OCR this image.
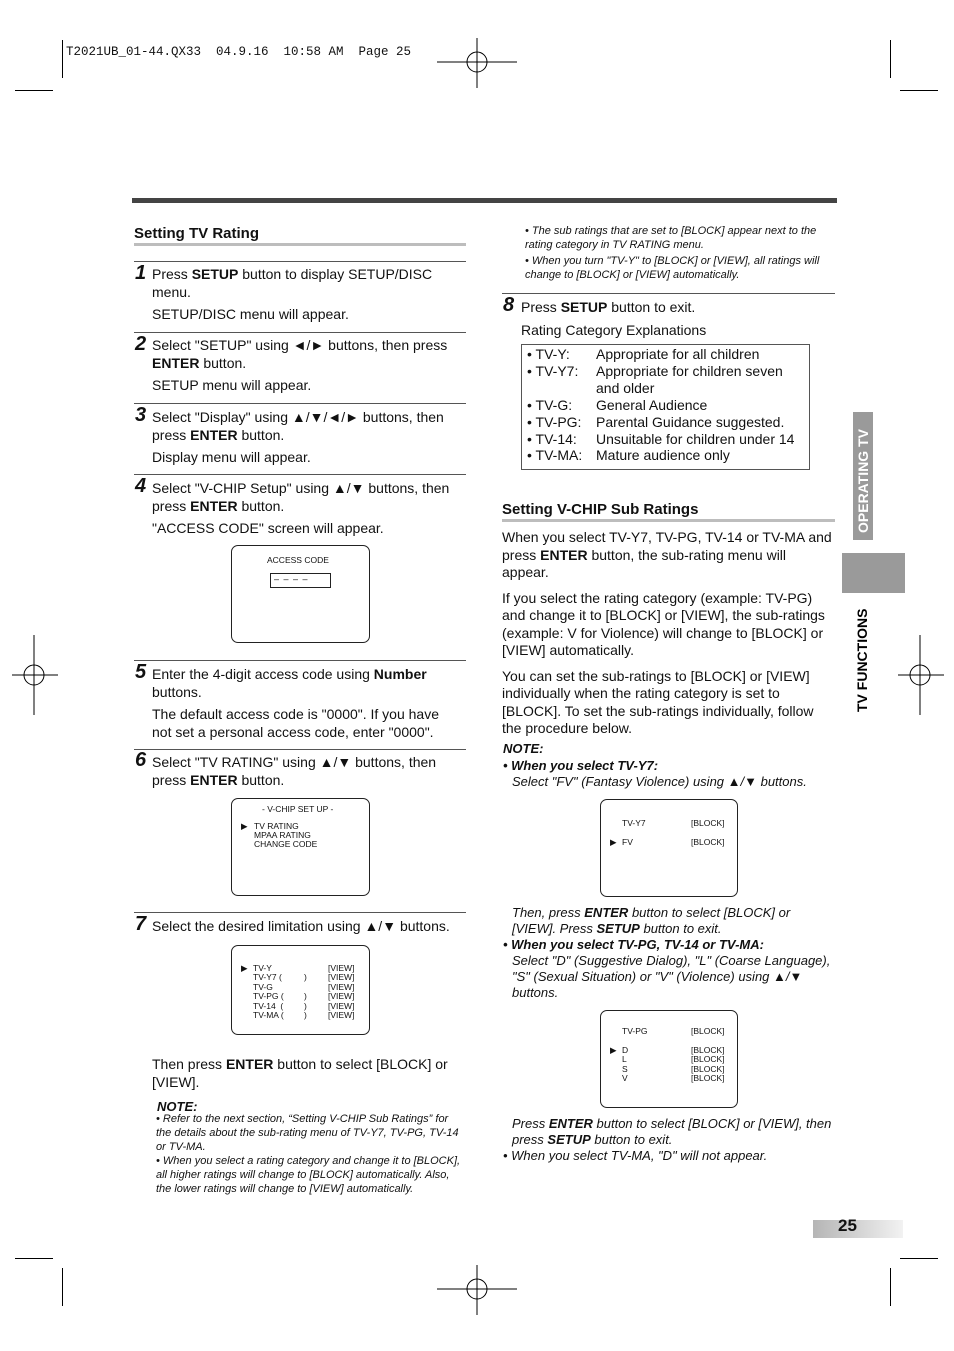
T2021UB_01-44.QX33  04.9.16  10:58 AM  Page 25
Setting TV Rating
1 Press SETUP button to display SETUP/DISC menu.

SETUP/DISC menu will appear.

2 Select "SETUP" using ◄/► buttons, then press ENTER button.

SETUP menu will appear.

3 Select "Display" using ▲/▼/◄/► buttons, then press ENTER button.

Display menu will appear.

4 Select "V-CHIP Setup" using ▲/▼ buttons, then press ENTER button.

"ACCESS CODE" screen will appear.

ACCESS CODE
– – – –
5 Enter the 4-digit access code using Number buttons.

The default access code is "0000". If you have not set a personal access code, enter "0000".

6 Select "TV RATING" using ▲/▼ buttons, then press ENTER button.

- V-CHIP SET UP -
▶ TV RATING
MPAA RATING
CHANGE CODE
7 Select the desired limitation using ▲/▼ buttons.

▶ TV-Y	[VIEW]
TV-Y7 (	) [VIEW]
TV-G	[VIEW]
TV-PG ( ) [VIEW]
TV-14  ( ) [VIEW]
TV-MA ( ) [VIEW]

Then press ENTER button to select [BLOCK] or [VIEW].

NOTE:
• Refer to the next section, “Setting V-CHIP Sub Ratings” for the details about the sub-rating menu of TV-Y7, TV-PG, TV-14 or TV-MA.
• When you select a rating category and change it to [BLOCK], all higher ratings will change to [BLOCK] automatically. Also, the lower ratings will change to [VIEW] automatically.
• The sub ratings that are set to [BLOCK] appear next to the rating category in TV RATING menu.
• When you turn "TV-Y" to [BLOCK] or [VIEW], all ratings will change to [BLOCK] or [VIEW] automatically.
8 Press SETUP button to exit.

Rating Category Explanations

• TV-Y: Appropriate for all children
• TV-Y7: Appropriate for children seven
and older
• TV-G: General Audience
• TV-PG: Parental Guidance suggested.
• TV-14: Unsuitable for children under 14
• TV-MA: Mature audience only
Setting V-CHIP Sub Ratings

When you select TV-Y7, TV-PG, TV-14 or TV-MA and press ENTER button, the sub-rating menu will appear.

If you select the rating category (example: TV-PG) and change it to [BLOCK] or [VIEW], the sub-ratings (example: V for Violence) will change to [BLOCK] or [VIEW] automatically.

You can set the sub-ratings to [BLOCK] or [VIEW] individually when the rating category is set to [BLOCK]. To set the sub-ratings individually, follow the procedure below.

NOTE:
• When you select TV-Y7:
Select "FV" (Fantasy Violence) using ▲/▼ buttons.
TV-Y7	[BLOCK]
▶ FV	[BLOCK]
Then, press ENTER button to select [BLOCK] or [VIEW]. Press SETUP button to exit.
• When you select TV-PG, TV-14 or TV-MA:
Select "D" (Suggestive Dialog), "L" (Coarse Language), "S" (Sexual Situation) or "V" (Violence) using ▲/▼ buttons.
TV-PG	[BLOCK]
▶ D	[BLOCK]
L	[BLOCK]
S	[BLOCK]
V	[BLOCK]
Press ENTER button to select [BLOCK] or [VIEW], then press SETUP button to exit.
• When you select TV-MA, "D" will not appear.
OPERATING TV
TV FUNCTIONS
25
